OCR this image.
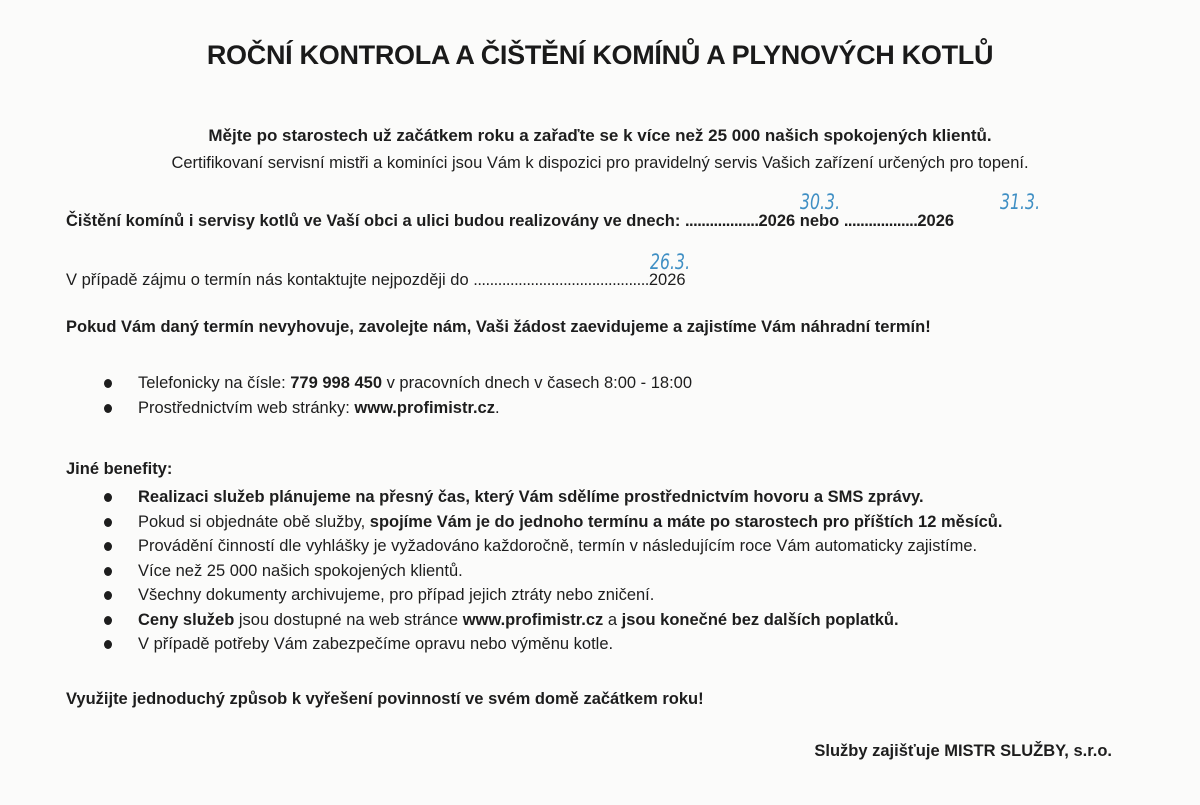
ROČNÍ KONTROLA A ČIŠTĚNÍ KOMÍNŮ A PLYNOVÝCH KOTLŮ
Mějte po starostech už začátkem roku a zařaďte se k více než 25 000 našich spokojených klientů.
Certifikovaní servisní mistři a kominíci jsou Vám k dispozici pro pravidelný servis Vašich zařízení určených pro topení.
Čištění komínů i servisy kotlů ve Vaší obci a ulici budou realizovány ve dnech: ..................2026 nebo ..................2026
30.3.	31.3.
V případě zájmu o termín nás kontaktujte nejpozději do ...........................................2026
26.3.
Pokud Vám daný termín nevyhovuje, zavolejte nám, Vaši žádost zaevidujeme a zajistíme Vám náhradní termín!
Telefonicky na čísle: 779 998 450 v pracovních dnech v časech 8:00 - 18:00
Prostřednictvím web stránky: www.profimistr.cz.
Jiné benefity:
Realizaci služeb plánujeme na přesný čas, který Vám sdělíme prostřednictvím hovoru a SMS zprávy.
Pokud si objednáte obě služby, spojíme Vám je do jednoho termínu a máte po starostech pro příštích 12 měsíců.
Provádění činností dle vyhlášky je vyžadováno každoročně, termín v následujícím roce Vám automaticky zajistíme.
Více než 25 000 našich spokojených klientů.
Všechny dokumenty archivujeme, pro případ jejich ztráty nebo zničení.
Ceny služeb jsou dostupné na web stránce www.profimistr.cz a jsou konečné bez dalších poplatků.
V případě potřeby Vám zabezpečíme opravu nebo výměnu kotle.
Využijte jednoduchý způsob k vyřešení povinností ve svém domě začátkem roku!
Služby zajišťuje MISTR SLUŽBY, s.r.o.
